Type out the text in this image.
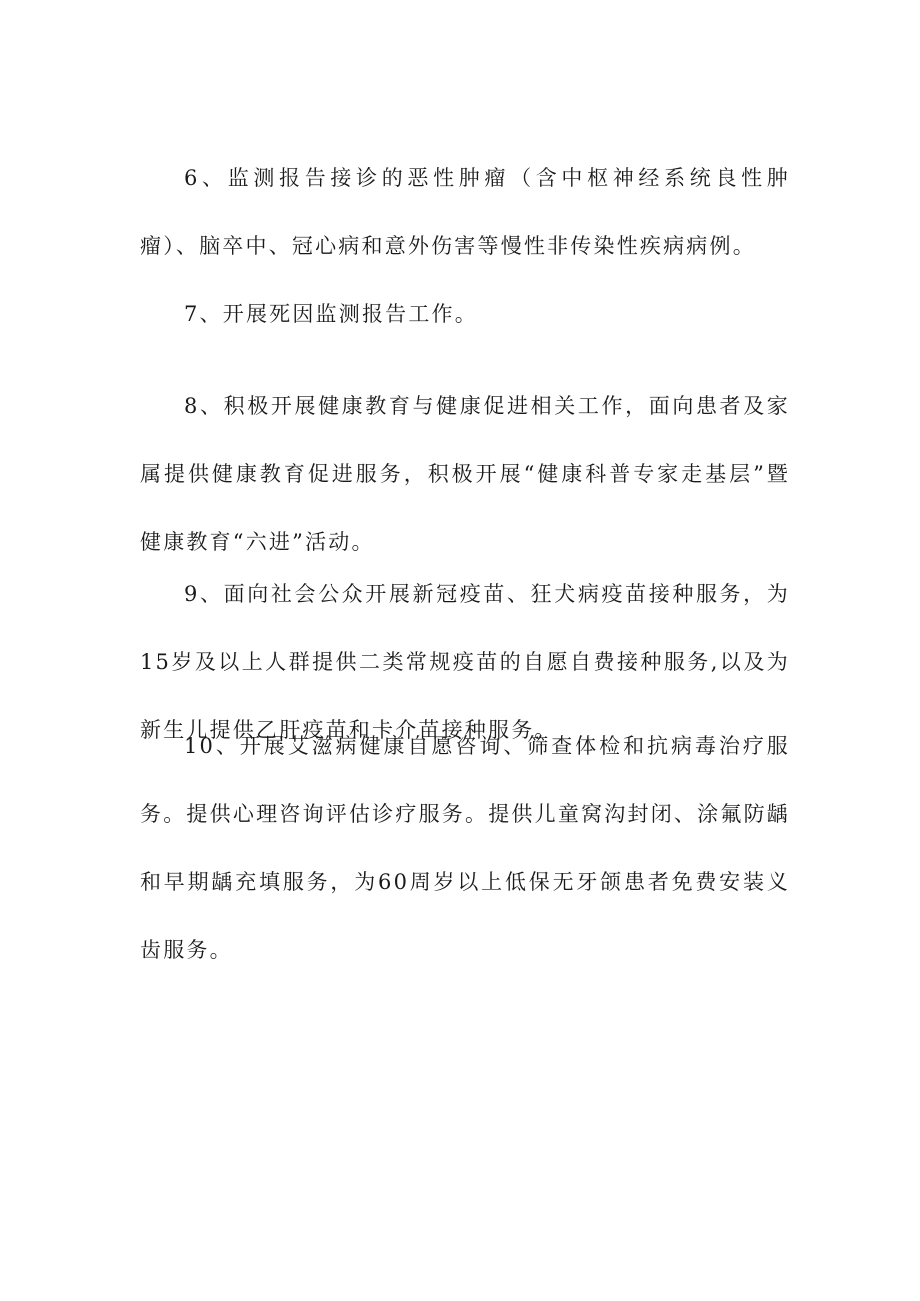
6、监测报告接诊的恶性肿瘤（含中枢神经系统良性肿瘤）、脑卒中、冠心病和意外伤害等慢性非传染性疾病病例。

7、开展死因监测报告工作。

8、积极开展健康教育与健康促进相关工作，面向患者及家属提供健康教育促进服务，积极开展“健康科普专家走基层”暨健康教育“六进”活动。

9、面向社会公众开展新冠疫苗、狂犬病疫苗接种服务，为15岁及以上人群提供二类常规疫苗的自愿自费接种服务,以及为新生儿提供乙肝疫苗和卡介苗接种服务。

10、开展艾滋病健康自愿咨询、筛查体检和抗病毒治疗服务。提供心理咨询评估诊疗服务。提供儿童窝沟封闭、涂氟防龋和早期龋充填服务，为60周岁以上低保无牙颌患者免费安装义齿服务。
